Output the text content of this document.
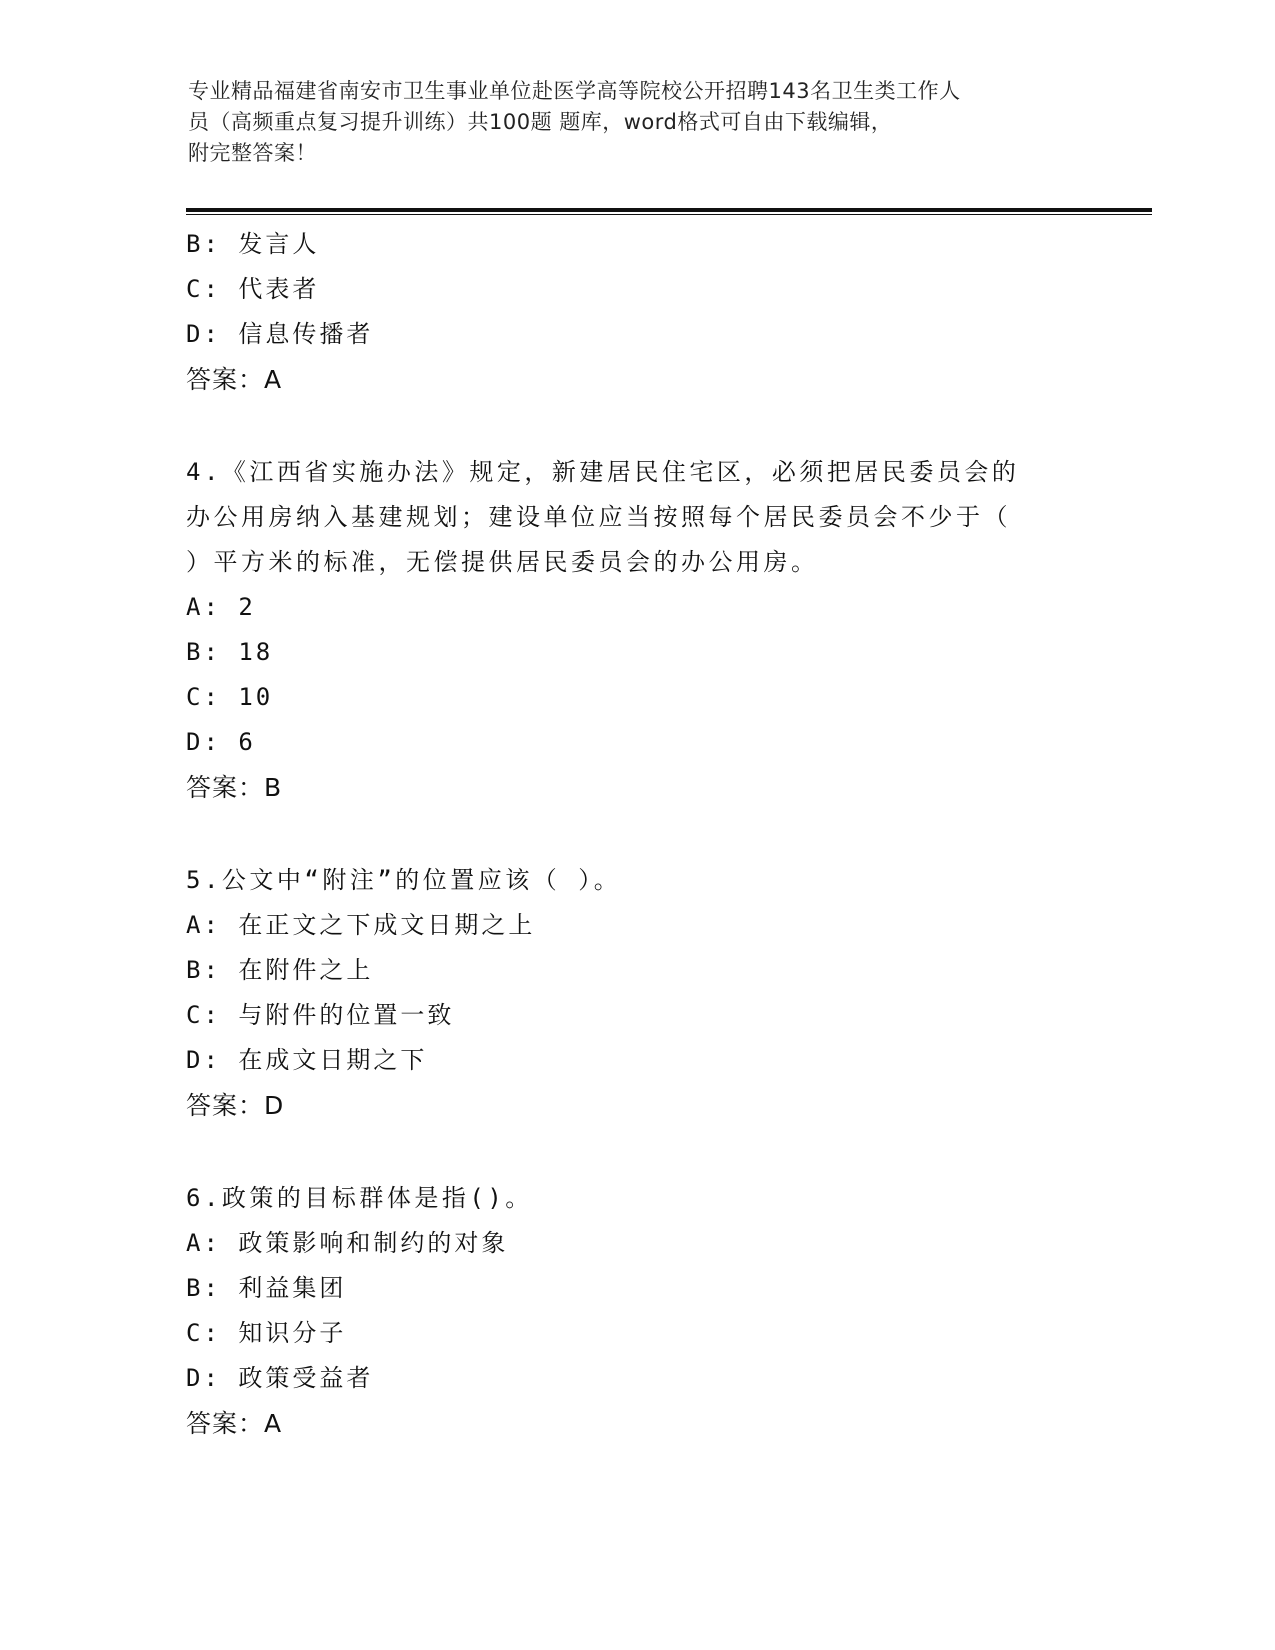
专业精品福建省南安市卫生事业单位赴医学高等院校公开招聘143名卫生类工作人
员（高频重点复习提升训练）共100题 题库，word格式可自由下载编辑，
附完整答案！
B: 发言人
C: 代表者
D: 信息传播者
答案：A
4.《江西省实施办法》规定，新建居民住宅区，必须把居民委员会的
办公用房纳入基建规划；建设单位应当按照每个居民委员会不少于（
）平方米的标准，无偿提供居民委员会的办公用房。
A: 2
B: 18
C: 10
D: 6
答案：B
5.公文中“附注”的位置应该（ ）。
A: 在正文之下成文日期之上
B: 在附件之上
C: 与附件的位置一致
D: 在成文日期之下
答案：D
6.政策的目标群体是指()。
A: 政策影响和制约的对象
B: 利益集团
C: 知识分子
D: 政策受益者
答案：A
